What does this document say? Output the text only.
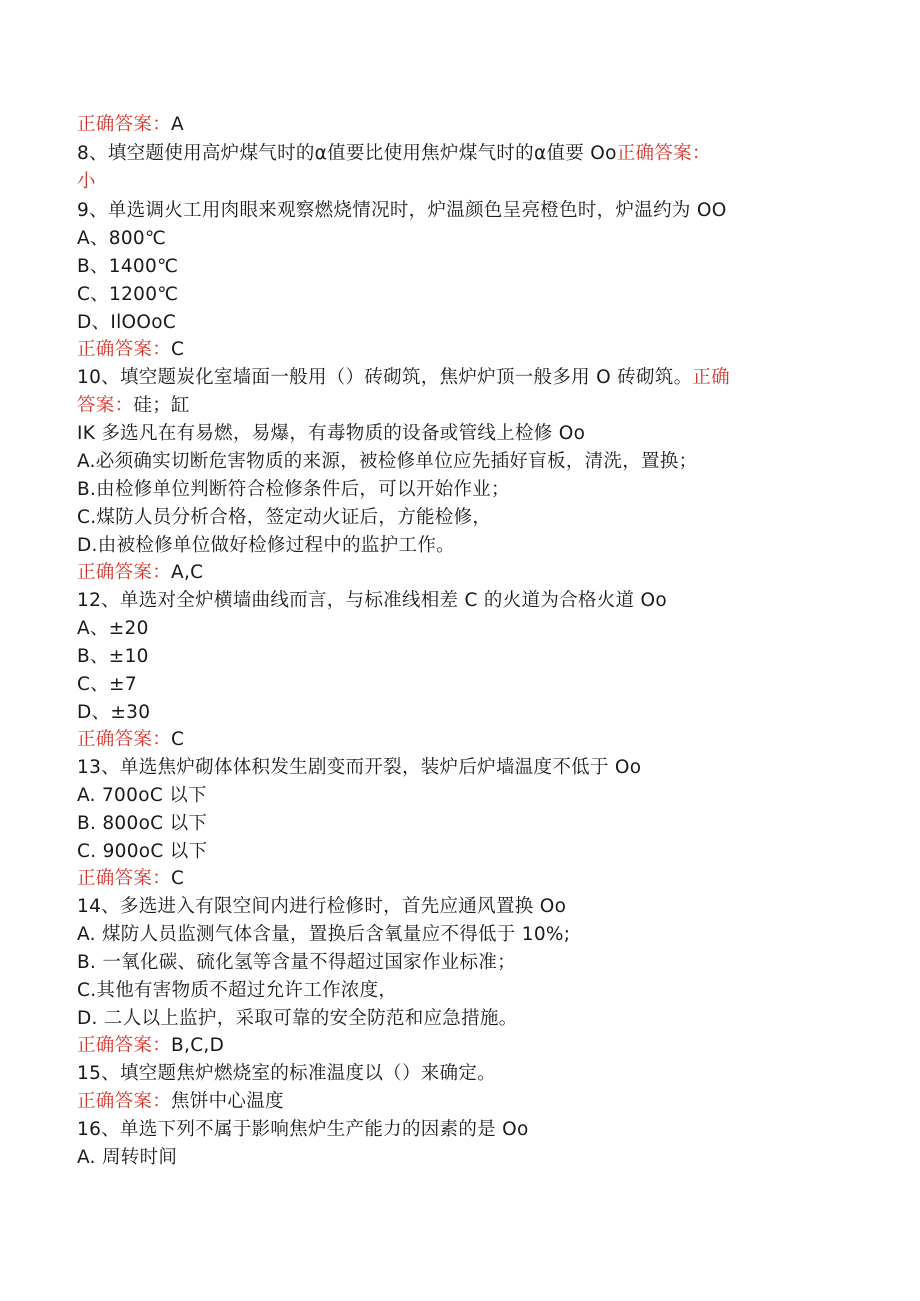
正确答案：A
8、填空题使用高炉煤气时的α值要比使用焦炉煤气时的α值要 Oo正确答案：
小
9、单选调火工用肉眼来观察燃烧情况时，炉温颜色呈亮橙色时，炉温约为 OO
A、800℃
B、1400℃
C、1200℃
D、IlOOoC
正确答案：C
10、填空题炭化室墙面一般用（）砖砌筑，焦炉炉顶一般多用 O 砖砌筑。正确
答案：硅；缸
IK 多选凡在有易燃，易爆，有毒物质的设备或管线上检修 Oo
A.必须确实切断危害物质的来源，被检修单位应先插好盲板，清洗，置换；
B.由检修单位判断符合检修条件后，可以开始作业；
C.煤防人员分析合格，签定动火证后，方能检修，
D.由被检修单位做好检修过程中的监护工作。
正确答案：A,C
12、单选对全炉横墙曲线而言，与标准线相差 C 的火道为合格火道 Oo
A、±20
B、±10
C、±7
D、±30
正确答案：C
13、单选焦炉砌体体积发生剧变而开裂，装炉后炉墙温度不低于 Oo
A. 700oC 以下
B. 800oC 以下
C. 900oC 以下
正确答案：C
14、多选进入有限空间内进行检修时，首先应通风置换 Oo
A. 煤防人员监测气体含量，置换后含氧量应不得低于 10%;
B. 一氧化碳、硫化氢等含量不得超过国家作业标准；
C.其他有害物质不超过允许工作浓度，
D. 二人以上监护，采取可靠的安全防范和应急措施。
正确答案：B,C,D
15、填空题焦炉燃烧室的标准温度以（）来确定。
正确答案：焦饼中心温度
16、单选下列不属于影响焦炉生产能力的因素的是 Oo
A. 周转时间
